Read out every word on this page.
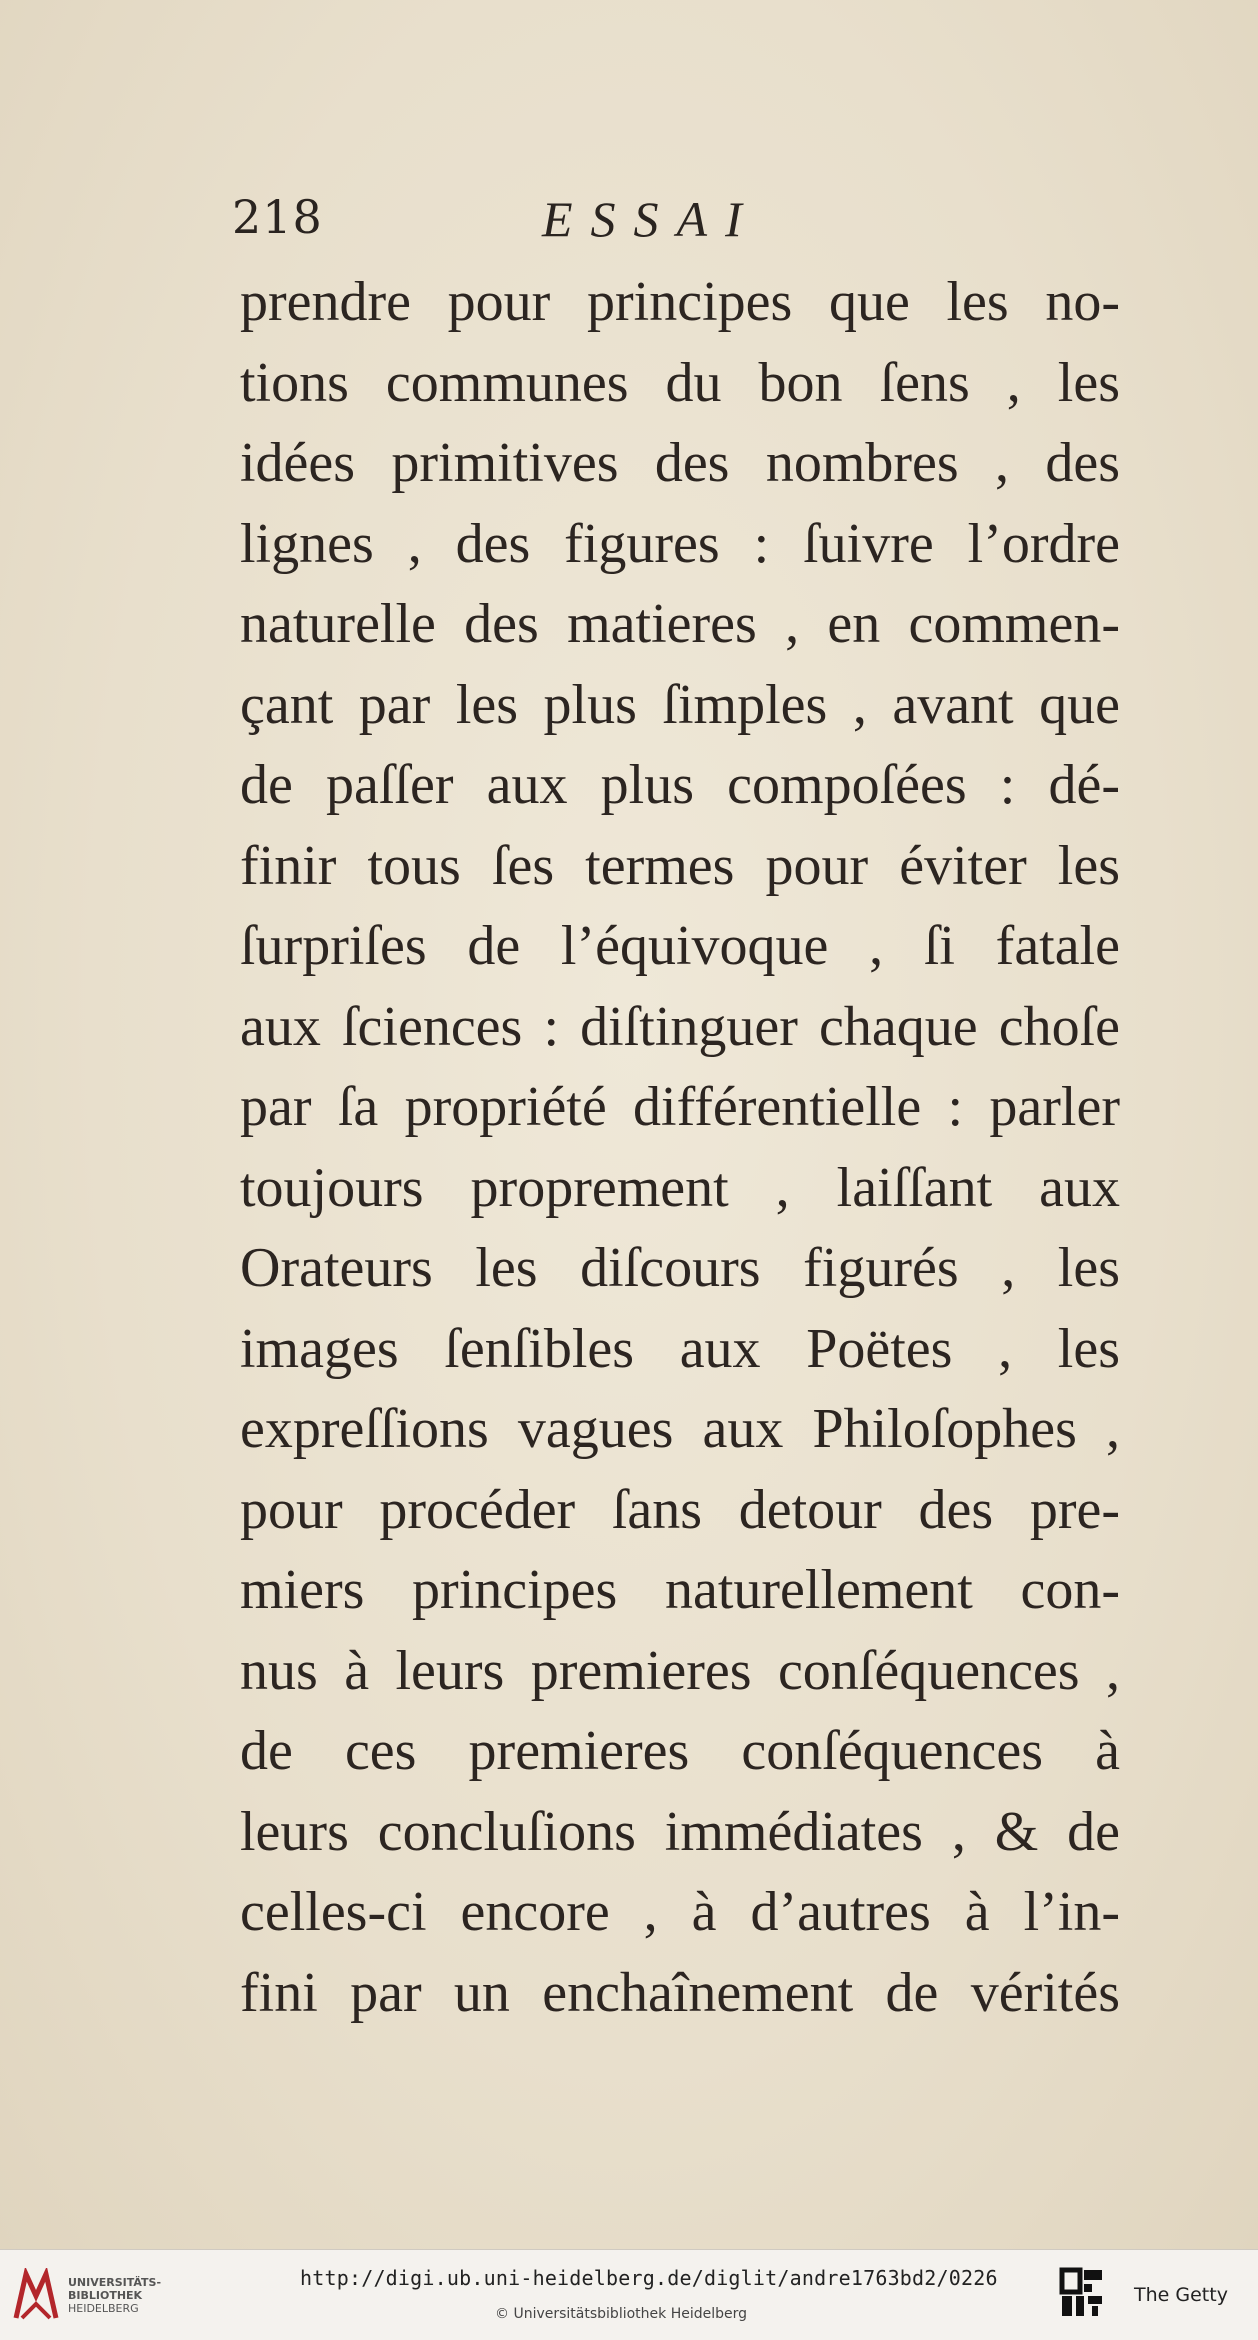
218	ESSAI
prendre pour principes que les no-
tions communes du bon ſens , les
idées primitives des nombres , des
lignes , des figures : ſuivre l’ordre
naturelle des matieres , en commen-
çant par les plus ſimples , avant que
de paſſer aux plus compoſées : dé-
finir tous ſes termes pour éviter les
ſurpriſes de l’équivoque , ſi fatale
aux ſciences : diſtinguer chaque choſe
par ſa propriété différentielle : parler
toujours proprement , laiſſant aux
Orateurs les diſcours figurés , les
images ſenſibles aux Poëtes , les
expreſſions vagues aux Philoſophes ,
pour procéder ſans detour des pre-
miers principes naturellement con-
nus à leurs premieres conſéquences ,
de ces premieres conſéquences à
leurs concluſions immédiates , & de
celles-ci encore , à d’autres à l’in-
fini par un enchaînement de vérités
UNIVERSITÄTS-
BIBLIOTHEK
HEIDELBERG
http://digi.ub.uni-heidelberg.de/diglit/andre1763bd2/0226
© Universitätsbibliothek Heidelberg
The Getty
